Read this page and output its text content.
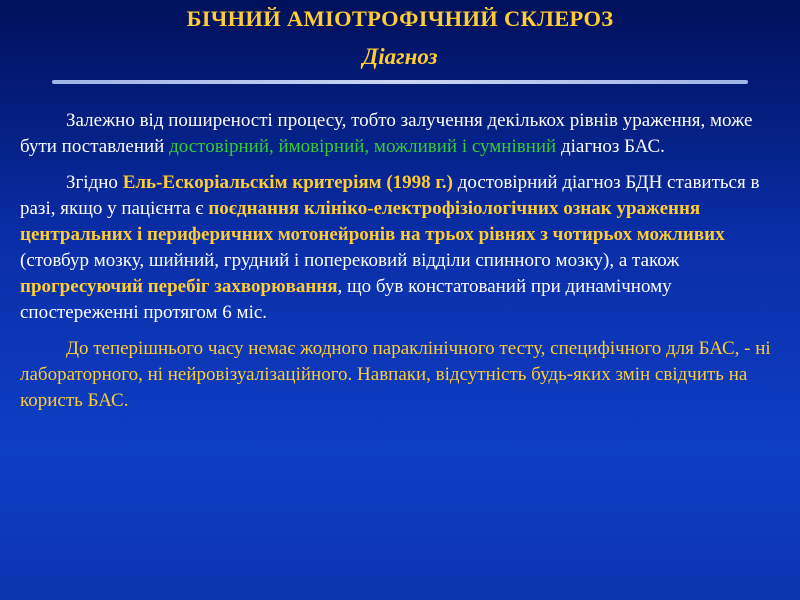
БІЧНИЙ АМІОТРОФІЧНИЙ СКЛЕРОЗ
Діагноз

Залежно від поширеності процесу, тобто залучення декількох рівнів ураження, може бути поставлений достовірний, ймовірний, можливий і сумнівний діагноз БАС.

Згідно Ель-Ескоріальскім критеріям (1998 г.) достовірний діагноз БДН ставиться в разі, якщо у пацієнта є поєднання клініко-електрофізіологічних ознак ураження центральних і периферичних мотонейронів на трьох рівнях з чотирьох можливих (стовбур мозку, шийний, грудний і поперековий відділи спинного мозку), а також прогресуючий перебіг захворювання, що був констатований при динамічному спостереженні протягом 6 міс.

До теперішнього часу немає жодного параклінічного тесту, специфічного для БАС, - ні лабораторного, ні нейровізуалізаційного. Навпаки, відсутність будь-яких змін свідчить на користь БАС.
